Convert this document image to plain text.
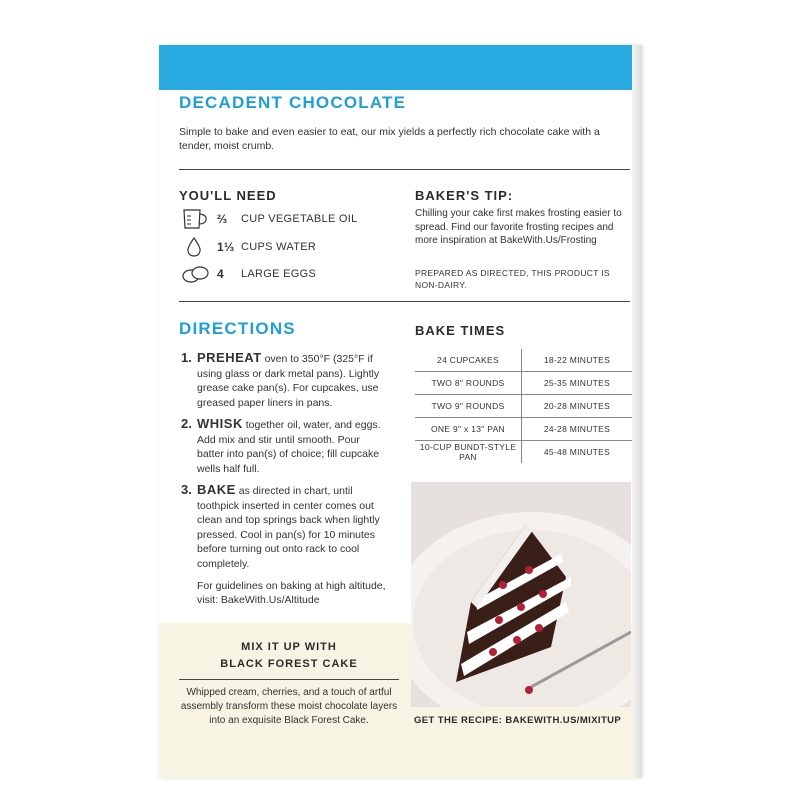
DECADENT CHOCOLATE
Simple to bake and even easier to eat, our mix yields a perfectly rich chocolate cake with a tender, moist crumb.
YOU'LL NEED
⅔	CUP VEGETABLE OIL
1⅓ CUPS WATER
4	LARGE EGGS
BAKER'S TIP:
Chilling your cake first makes frosting easier to spread. Find our favorite frosting recipes and more inspiration at BakeWith.Us/Frosting
PREPARED AS DIRECTED, THIS PRODUCT IS NON-DAIRY.
DIRECTIONS
1. PREHEAT oven to 350°F (325°F if using glass or dark metal pans). Lightly grease cake pan(s). For cupcakes, use greased paper liners in pans.
2. WHISK together oil, water, and eggs. Add mix and stir until smooth. Pour batter into pan(s) of choice; fill cupcake wells half full.
3. BAKE as directed in chart, until toothpick inserted in center comes out clean and top springs back when lightly pressed. Cool in pan(s) for 10 minutes before turning out onto rack to cool completely.
For guidelines on baking at high altitude, visit: BakeWith.Us/Altitude
BAKE TIMES
24 CUPCAKES	18-22 MINUTES
TWO 8" ROUNDS	25-35 MINUTES
TWO 9" ROUNDS	20-28 MINUTES
ONE 9" x 13" PAN	24-28 MINUTES
10-CUP BUNDT-STYLE PAN	45-48 MINUTES
MIX IT UP WITH
BLACK FOREST CAKE
Whipped cream, cherries, and a touch of artful assembly transform these moist chocolate layers into an exquisite Black Forest Cake.	GET THE RECIPE: BAKEWITH.US/MIXITUP
